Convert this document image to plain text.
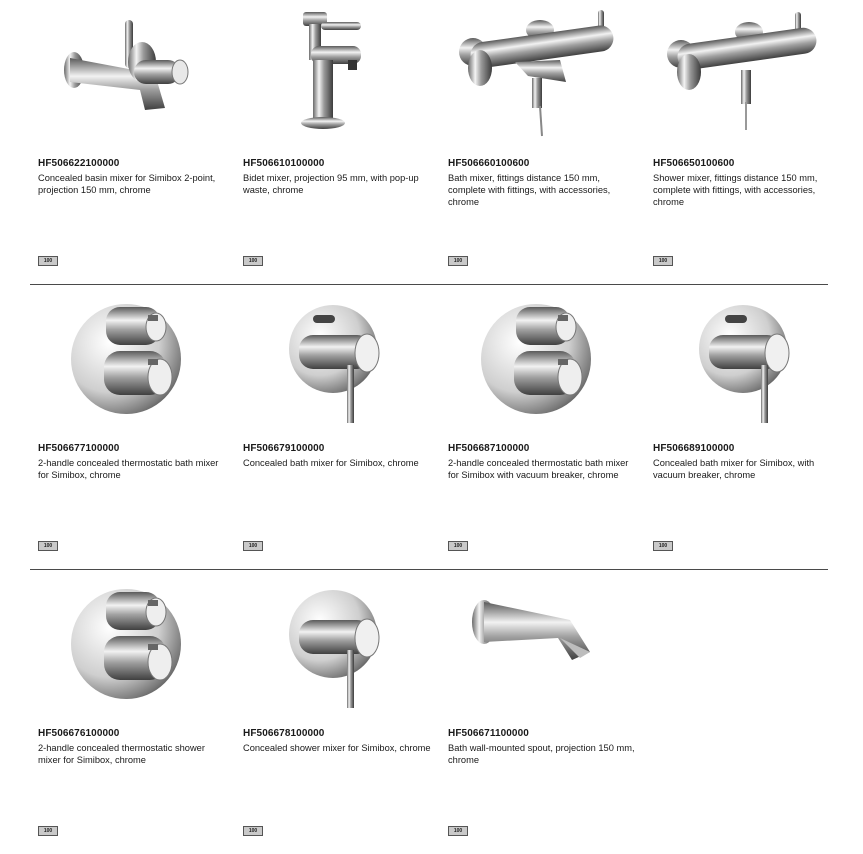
HF506622100000
Concealed basin mixer for Simibox 2-point, projection 150 mm, chrome
100
HF506610100000
Bidet mixer, projection 95 mm, with pop-up waste, chrome
100
HF506660100600
Bath mixer, fittings distance 150 mm, complete with fittings, with accessories, chrome
100
HF506650100600
Shower mixer, fittings distance 150 mm, complete with fittings, with accessories, chrome
100
HF506677100000
2-handle concealed thermostatic bath mixer for Simibox, chrome
100
HF506679100000
Concealed bath mixer for Simibox, chrome
100
HF506687100000
2-handle concealed thermostatic bath mixer for Simibox with vacuum breaker, chrome
100
HF506689100000
Concealed bath mixer for Simibox, with vacuum breaker, chrome
100
HF506676100000
2-handle concealed thermostatic shower mixer for Simibox, chrome
100
HF506678100000
Concealed shower mixer for Simibox, chrome
100
HF506671100000
Bath wall-mounted spout, projection 150 mm, chrome
100
